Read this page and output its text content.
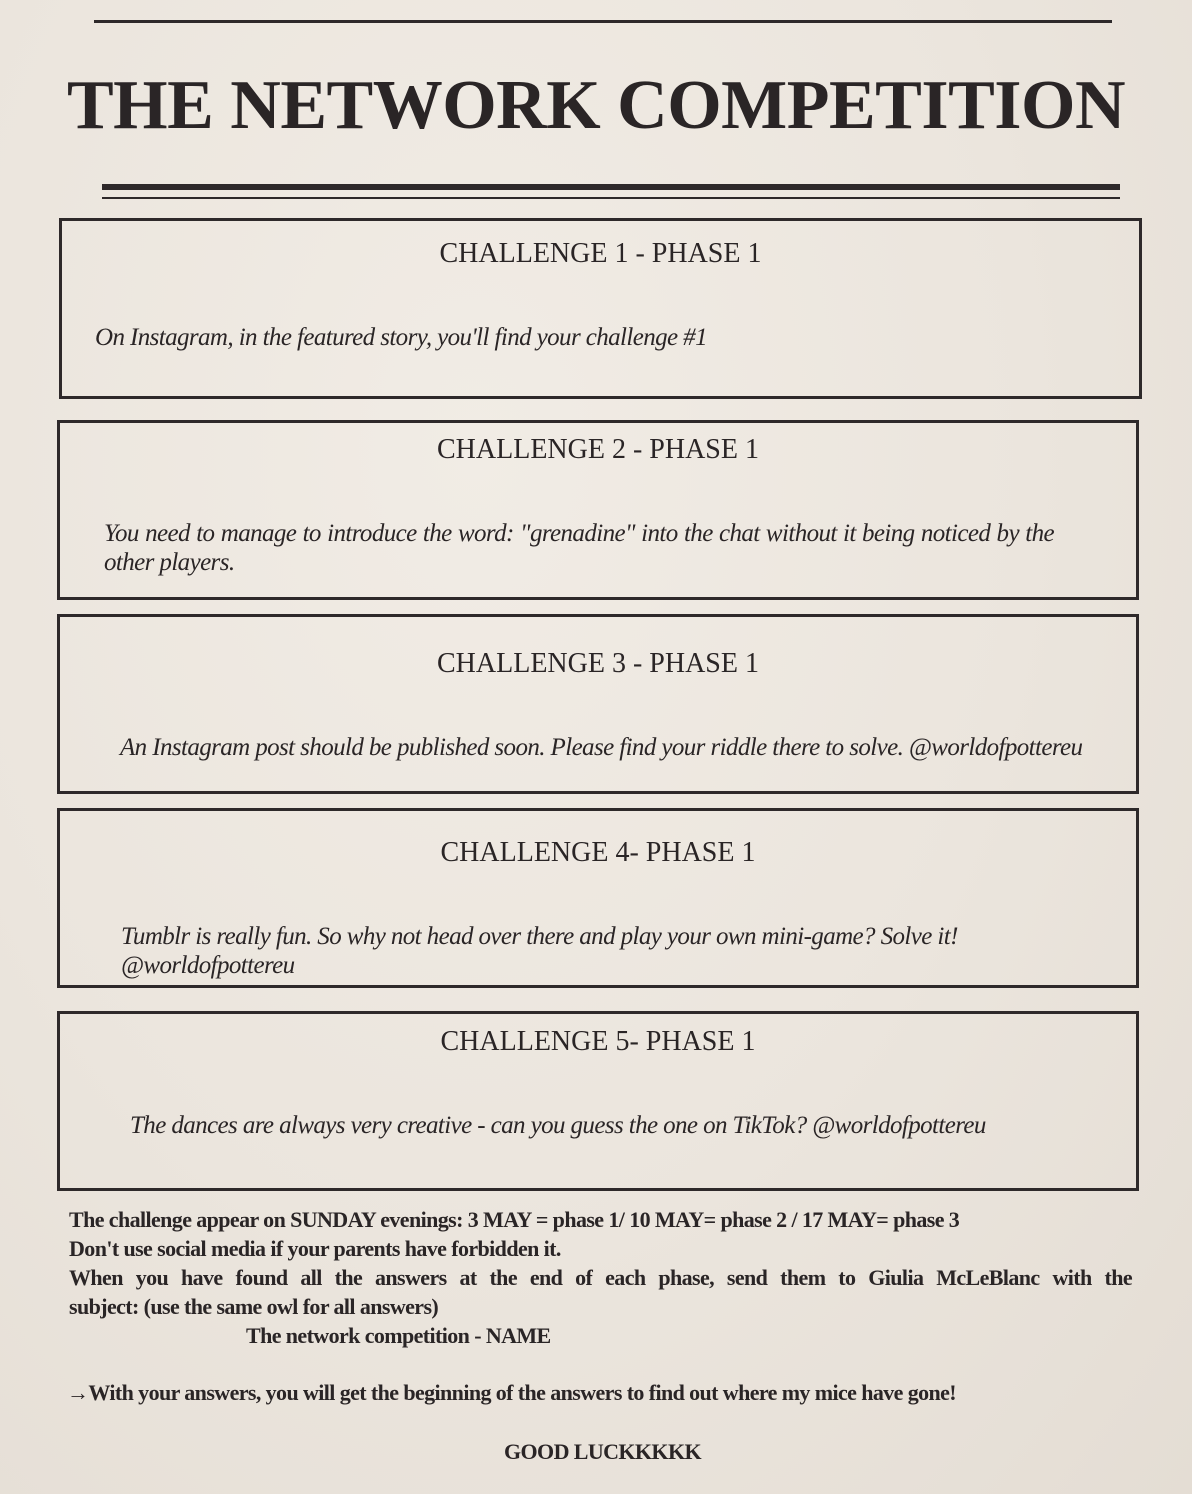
THE NETWORK COMPETITION
CHALLENGE 1 - PHASE 1
On Instagram, in the featured story, you'll find your challenge #1
CHALLENGE 2 - PHASE 1
You need to manage to introduce the word: "grenadine" into the chat without it being noticed by the
other players.
CHALLENGE 3 - PHASE 1
An Instagram post should be published soon. Please find your riddle there to solve. @worldofpottereu
CHALLENGE 4- PHASE 1
Tumblr is really fun. So why not head over there and play your own mini-game? Solve it!
@worldofpottereu
CHALLENGE 5- PHASE 1
The dances are always very creative - can you guess the one on TikTok? @worldofpottereu
The challenge appear on SUNDAY evenings: 3 MAY = phase 1/ 10 MAY= phase 2 / 17 MAY= phase 3
Don't use social media if your parents have forbidden it.
When you have found all the answers at the end of each phase, send them to Giulia McLeBlanc with the
subject: (use the same owl for all answers)
The network competition - NAME
→With your answers, you will get the beginning of the answers to find out where my mice have gone!
GOOD LUCKKKKK
